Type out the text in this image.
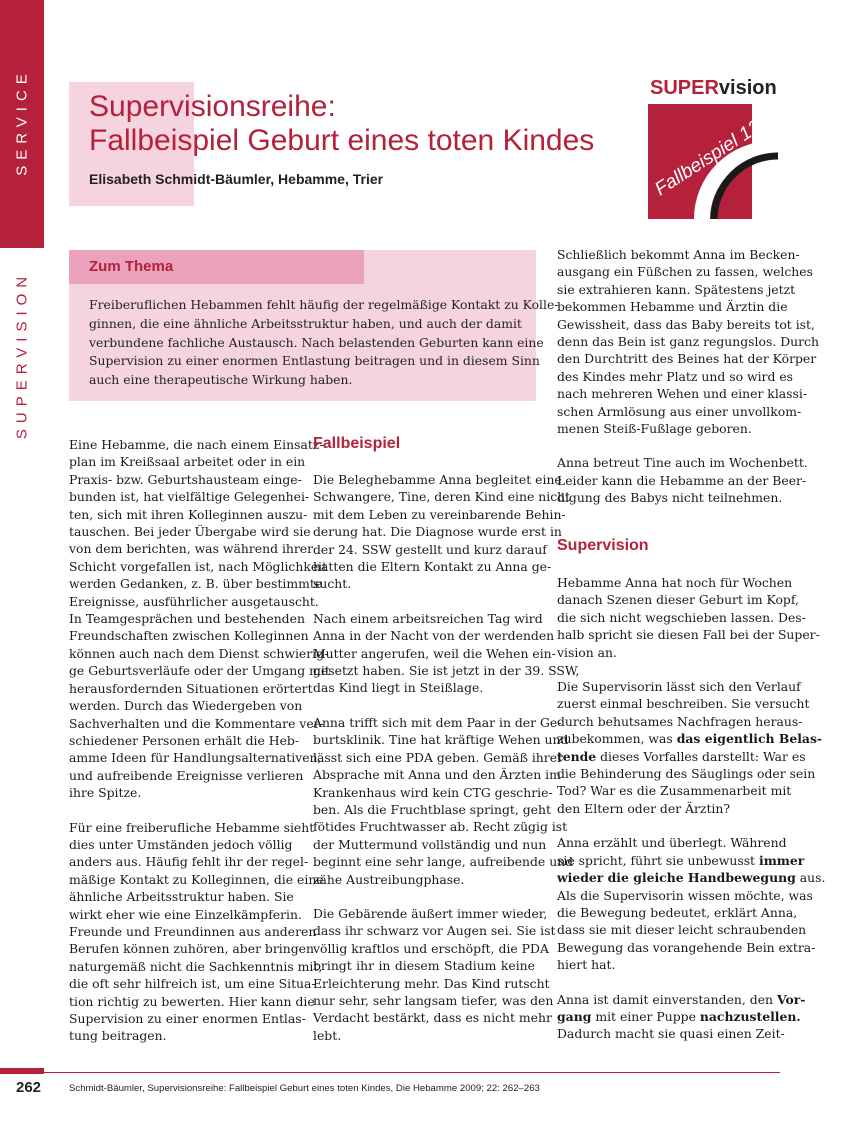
SERVICE
SUPERVISION
Supervisionsreihe:
Fallbeispiel Geburt eines toten Kindes
Elisabeth Schmidt-Bäumler, Hebamme, Trier
SUPERvision
Fallbeispiel 13
Zum Thema
Freiberuflichen Hebammen fehlt häufig der regelmäßige Kontakt zu Kolle-
ginnen, die eine ähnliche Arbeitsstruktur haben, und auch der damit
verbundene fachliche Austausch. Nach belastenden Geburten kann eine
Supervision zu einer enormen Entlastung beitragen und in diesem Sinn
auch eine therapeutische Wirkung haben.
Eine Hebamme, die nach einem Einsatz-
plan im Kreißsaal arbeitet oder in ein
Praxis- bzw. Geburtshausteam einge-
bunden ist, hat vielfältige Gelegenhei-
ten, sich mit ihren Kolleginnen auszu-
tauschen. Bei jeder Übergabe wird sie
von dem berichten, was während ihrer
Schicht vorgefallen ist, nach Möglichkeit
werden Gedanken, z. B. über bestimmte
Ereignisse, ausführlicher ausgetauscht.
In Teamgesprächen und bestehenden
Freundschaften zwischen Kolleginnen
können auch nach dem Dienst schwierig-
ge Geburtsverläufe oder der Umgang mit
herausfordernden Situationen erörtert
werden. Durch das Wiedergeben von
Sachverhalten und die Kommentare ver-
schiedener Personen erhält die Heb-
amme Ideen für Handlungsalternativen,
und aufreibende Ereignisse verlieren
ihre Spitze.
Für eine freiberufliche Hebamme sieht
dies unter Umständen jedoch völlig
anders aus. Häufig fehlt ihr der regel-
mäßige Kontakt zu Kolleginnen, die eine
ähnliche Arbeitsstruktur haben. Sie
wirkt eher wie eine Einzelkämpferin.
Freunde und Freundinnen aus anderen
Berufen können zuhören, aber bringen
naturgemäß nicht die Sachkenntnis mit,
die oft sehr hilfreich ist, um eine Situa-
tion richtig zu bewerten. Hier kann die
Supervision zu einer enormen Entlas-
tung beitragen.
Fallbeispiel
Die Beleghebamme Anna begleitet eine
Schwangere, Tine, deren Kind eine nicht
mit dem Leben zu vereinbarende Behin-
derung hat. Die Diagnose wurde erst in
der 24. SSW gestellt und kurz darauf
hatten die Eltern Kontakt zu Anna ge-
sucht.
Nach einem arbeitsreichen Tag wird
Anna in der Nacht von der werdenden
Mutter angerufen, weil die Wehen ein-
gesetzt haben. Sie ist jetzt in der 39. SSW,
das Kind liegt in Steißlage.
Anna trifft sich mit dem Paar in der Ge-
burtsklinik. Tine hat kräftige Wehen und
lässt sich eine PDA geben. Gemäß ihrer
Absprache mit Anna und den Ärzten im
Krankenhaus wird kein CTG geschrie-
ben. Als die Fruchtblase springt, geht
fötides Fruchtwasser ab. Recht zügig ist
der Muttermund vollständig und nun
beginnt eine sehr lange, aufreibende und
zähe Austreibungphase.
Die Gebärende äußert immer wieder,
dass ihr schwarz vor Augen sei. Sie ist
völlig kraftlos und erschöpft, die PDA
bringt ihr in diesem Stadium keine
Erleichterung mehr. Das Kind rutscht
nur sehr, sehr langsam tiefer, was den
Verdacht bestärkt, dass es nicht mehr
lebt.
Schließlich bekommt Anna im Becken-
ausgang ein Füßchen zu fassen, welches
sie extrahieren kann. Spätestens jetzt
bekommen Hebamme und Ärztin die
Gewissheit, dass das Baby bereits tot ist,
denn das Bein ist ganz regungslos. Durch
den Durchtritt des Beines hat der Körper
des Kindes mehr Platz und so wird es
nach mehreren Wehen und einer klassi-
schen Armlösung aus einer unvollkom-
menen Steiß-Fußlage geboren.
Anna betreut Tine auch im Wochenbett.
Leider kann die Hebamme an der Beer-
digung des Babys nicht teilnehmen.
Supervision
Hebamme Anna hat noch für Wochen
danach Szenen dieser Geburt im Kopf,
die sich nicht wegschieben lassen. Des-
halb spricht sie diesen Fall bei der Super-
vision an.
Die Supervisorin lässt sich den Verlauf
zuerst einmal beschreiben. Sie versucht
durch behutsames Nachfragen heraus-
zubekommen, was das eigentlich Belas-
tende dieses Vorfalles darstellt: War es
die Behinderung des Säuglings oder sein
Tod? War es die Zusammenarbeit mit
den Eltern oder der Ärztin?
Anna erzählt und überlegt. Während
sie spricht, führt sie unbewusst immer
wieder die gleiche Handbewegung aus.
Als die Supervisorin wissen möchte, was
die Bewegung bedeutet, erklärt Anna,
dass sie mit dieser leicht schraubenden
Bewegung das vorangehende Bein extra-
hiert hat.
Anna ist damit einverstanden, den Vor-
gang mit einer Puppe nachzustellen.
Dadurch macht sie quasi einen Zeit-
262	Schmidt-Bäumler, Supervisionsreihe: Fallbeispiel Geburt eines toten Kindes, Die Hebamme 2009; 22: 262–263
